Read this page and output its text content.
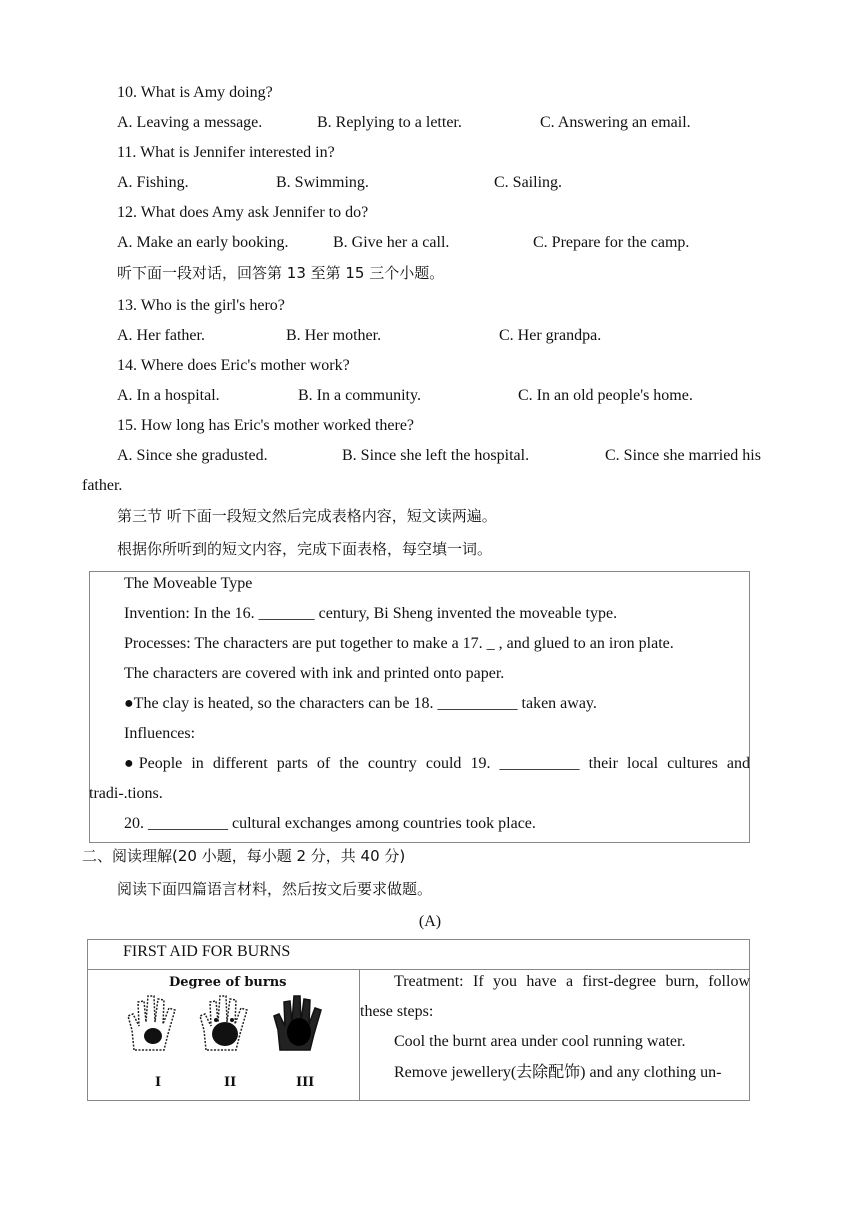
10. What is Amy doing?
A. Leaving a message.	B. Replying to a letter.	C. Answering an email.
11. What is Jennifer interested in?
A. Fishing.	B. Swimming.	C. Sailing.
12. What does Amy ask Jennifer to do?
A. Make an early booking.	B. Give her a call.	C. Prepare for the camp.
听下面一段对话，回答第 13 至第 15 三个小题。
13. Who is the girl's hero?
A. Her father.	B. Her mother.	C. Her grandpa.
14. Where does Eric's mother work?
A. In a hospital.	B. In a community.	C. In an old people's home.
15. How long has Eric's mother worked there?
A. Since she gradusted.	B. Since she left the hospital.	C. Since she married his
father.
第三节 听下面一段短文然后完成表格内容，短文读两遍。
根据你所听到的短文内容，完成下面表格，每空填一词。
The Moveable Type
Invention: In the 16. _______ century, Bi Sheng invented the moveable type.
Processes: The characters are put together to make a 17. _ , and glued to an iron plate.
The characters are covered with ink and printed onto paper.
●The clay is heated, so the characters can be 18. __________ taken away.
Influences:
●People in different parts of the country could 19. __________ their local cultures and
tradi-.tions.
20. __________ cultural exchanges among countries took place.
二、阅读理解(20 小题，每小题 2 分，共 40 分)
阅读下面四篇语言材料，然后按文后要求做题。
(A)
FIRST AID FOR BURNS
Degree of burns
I	II	III
Treatment: If you have a first-degree burn, follow
these steps:
Cool the burnt area under cool running water.
Remove jewellery(去除配饰) and any clothing un-
